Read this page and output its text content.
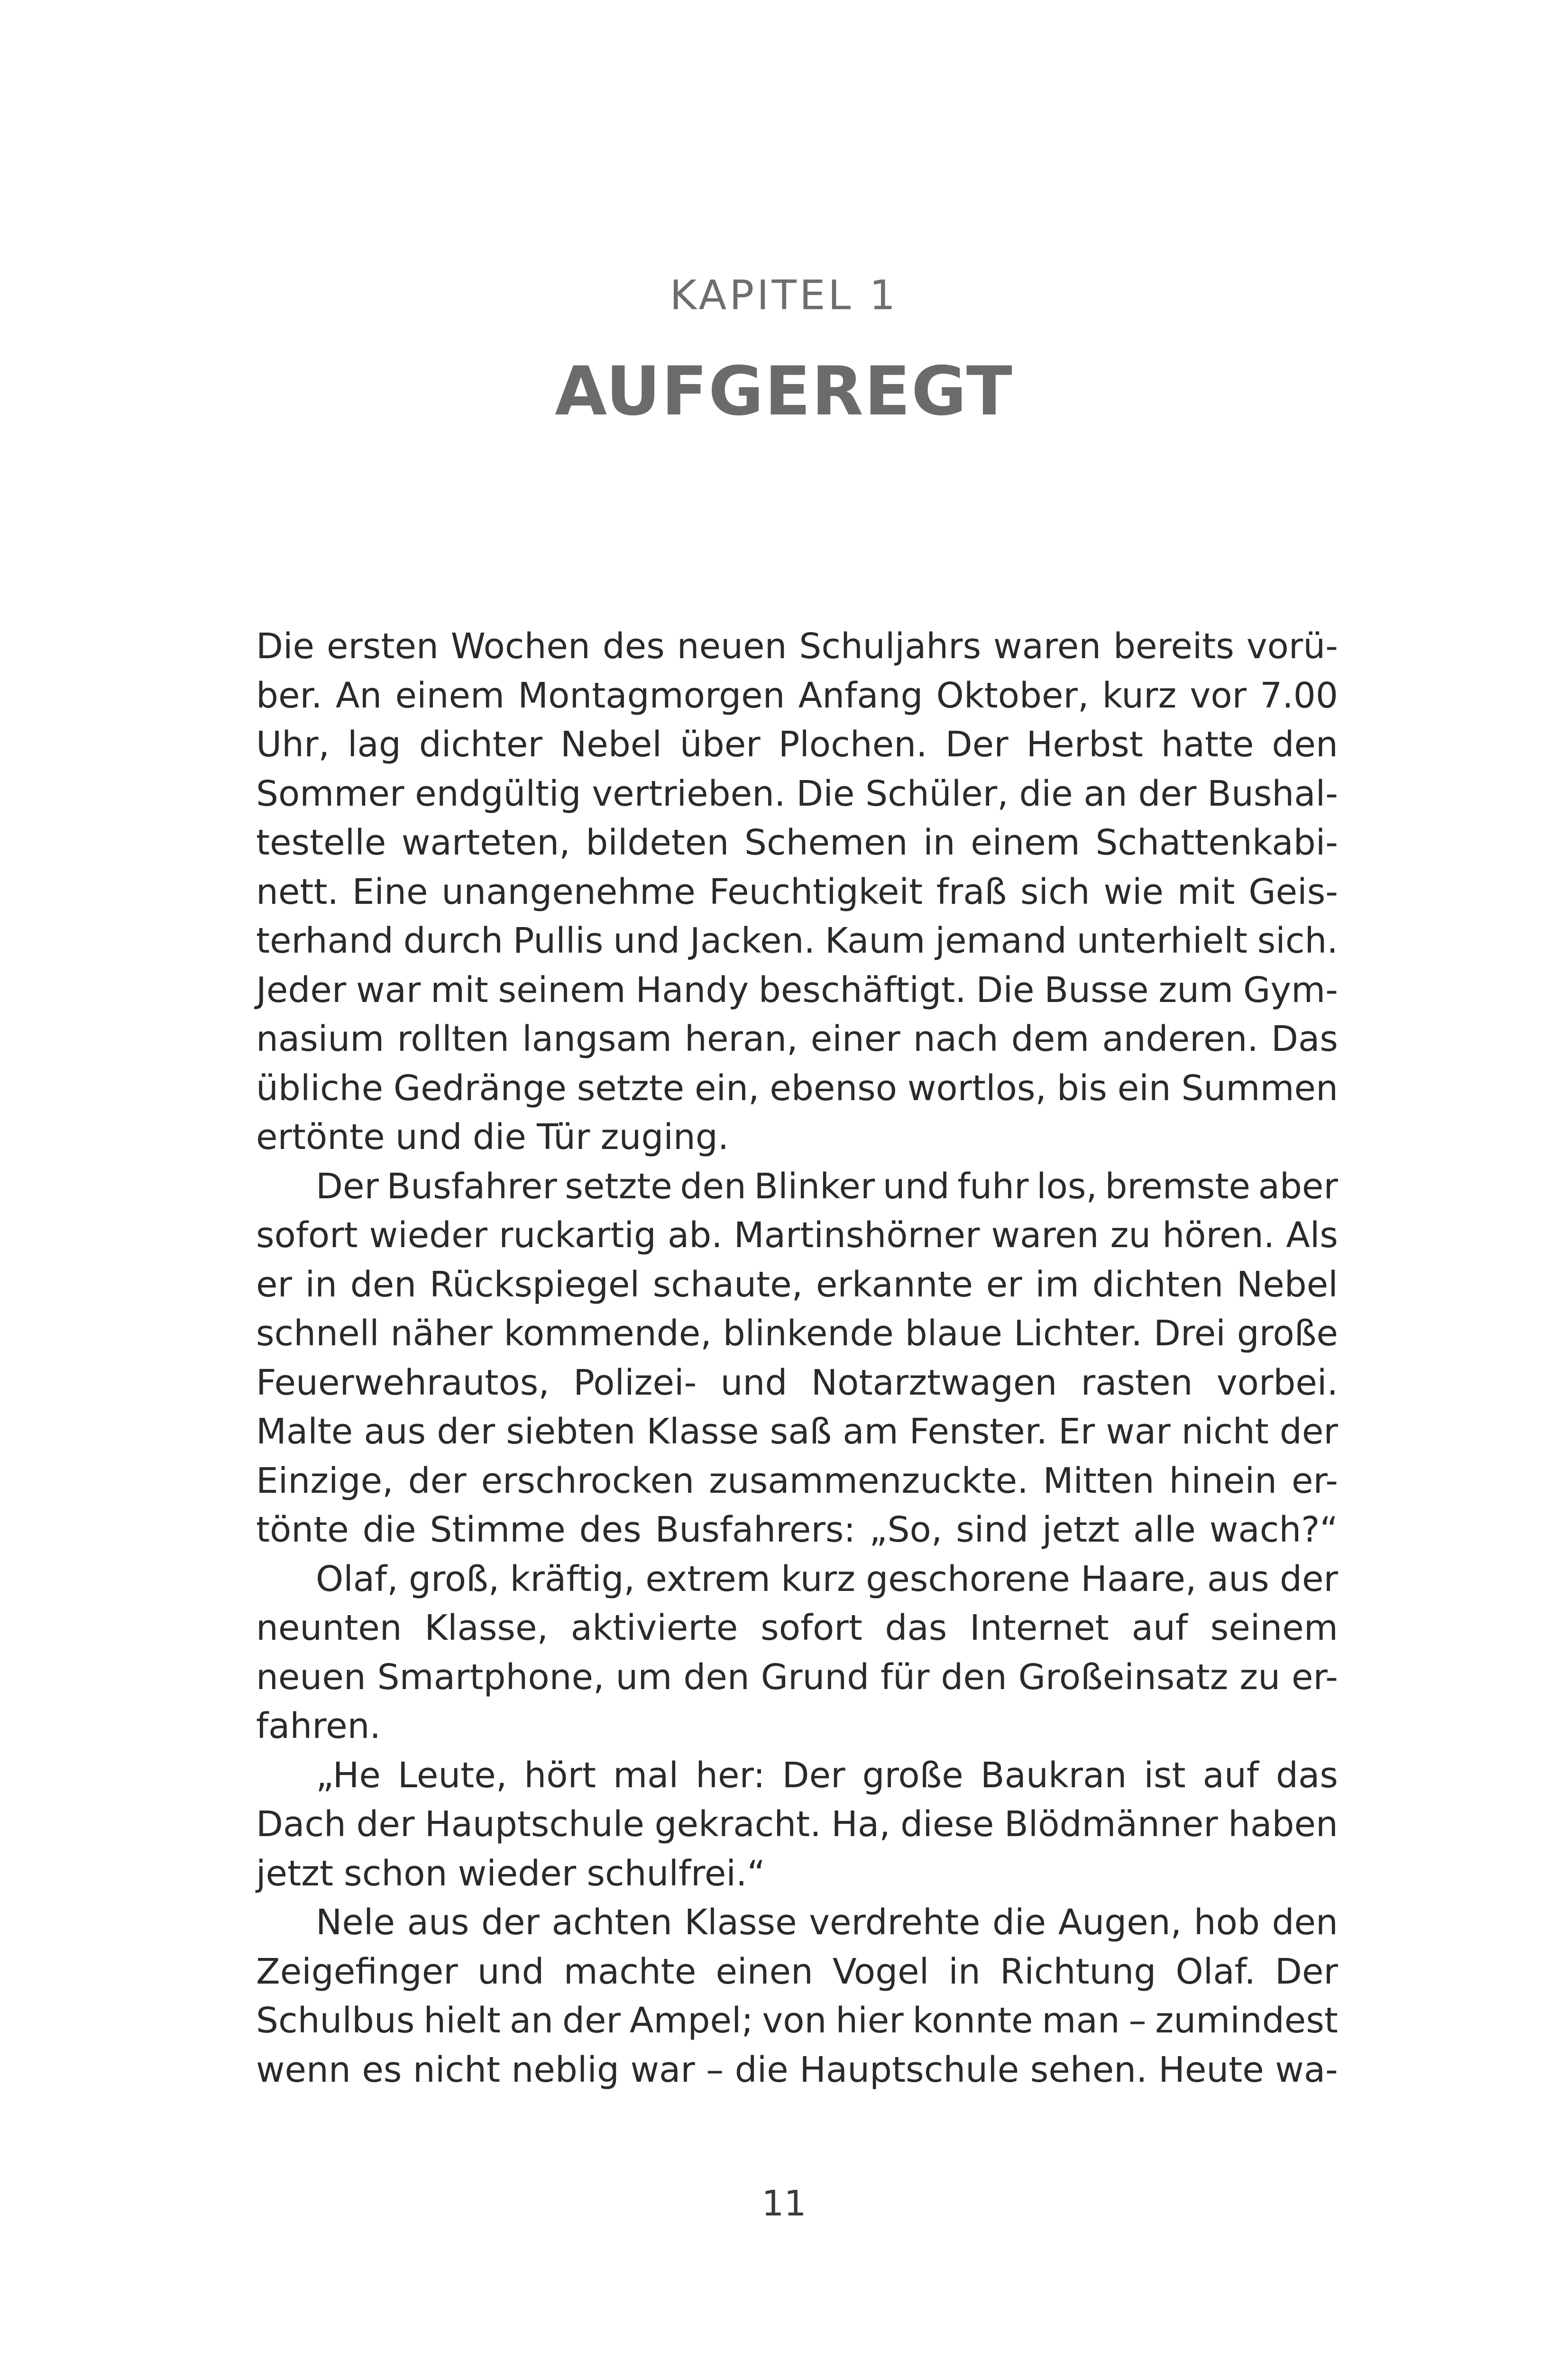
KAPITEL 1
AUFGEREGT
Die ersten Wochen des neuen Schuljahrs waren bereits vorü-
ber. An einem Montagmorgen Anfang Oktober, kurz vor 7.00
Uhr, lag dichter Nebel über Plochen. Der Herbst hatte den
Sommer endgültig vertrieben. Die Schüler, die an der Bushal-
testelle warteten, bildeten Schemen in einem Schattenkabi-
nett. Eine unangenehme Feuchtigkeit fraß sich wie mit Geis-
terhand durch Pullis und Jacken. Kaum jemand unterhielt sich.
Jeder war mit seinem Handy beschäftigt. Die Busse zum Gym-
nasium rollten langsam heran, einer nach dem anderen. Das
übliche Gedränge setzte ein, ebenso wortlos, bis ein Summen
ertönte und die Tür zuging.
Der Busfahrer setzte den Blinker und fuhr los, bremste aber
sofort wieder ruckartig ab. Martinshörner waren zu hören. Als
er in den Rückspiegel schaute, erkannte er im dichten Nebel
schnell näher kommende, blinkende blaue Lichter. Drei große
Feuerwehrautos, Polizei- und Notarztwagen rasten vorbei.
Malte aus der siebten Klasse saß am Fenster. Er war nicht der
Einzige, der erschrocken zusammenzuckte. Mitten hinein er-
tönte die Stimme des Busfahrers: „So, sind jetzt alle wach?“
Olaf, groß, kräftig, extrem kurz geschorene Haare, aus der
neunten Klasse, aktivierte sofort das Internet auf seinem
neuen Smartphone, um den Grund für den Großeinsatz zu er-
fahren.
„He Leute, hört mal her: Der große Baukran ist auf das
Dach der Hauptschule gekracht. Ha, diese Blödmänner haben
jetzt schon wieder schulfrei.“
Nele aus der achten Klasse verdrehte die Augen, hob den
Zeigefinger und machte einen Vogel in Richtung Olaf. Der
Schulbus hielt an der Ampel; von hier konnte man – zumindest
wenn es nicht neblig war – die Hauptschule sehen. Heute wa-
11
